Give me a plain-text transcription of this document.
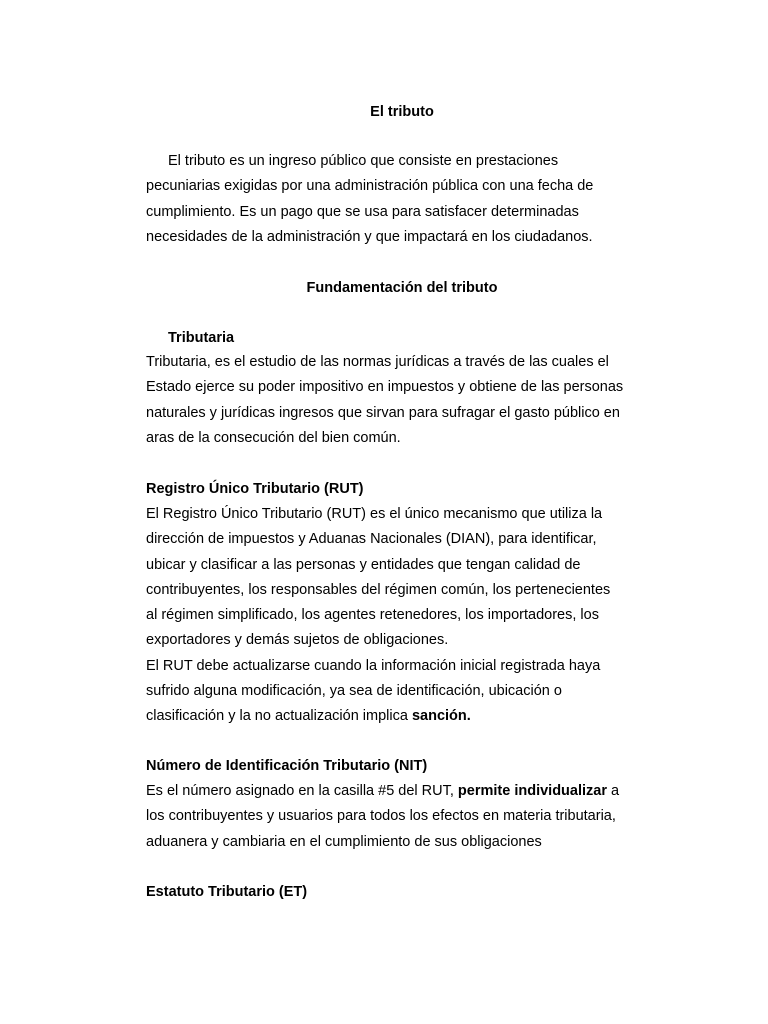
El tributo

El tributo es un ingreso público que consiste en prestaciones
pecuniarias exigidas por una administración pública con una fecha de
cumplimiento. Es un pago que se usa para satisfacer determinadas
necesidades de la administración y que impactará en los ciudadanos.

Fundamentación del tributo
Tributaria

Tributaria, es el estudio de las normas jurídicas a través de las cuales el
Estado ejerce su poder impositivo en impuestos y obtiene de las personas
naturales y jurídicas ingresos que sirvan para sufragar el gasto público en
aras de la consecución del bien común.

Registro Único Tributario (RUT)

El Registro Único Tributario (RUT) es el único mecanismo que utiliza la
dirección de impuestos y Aduanas Nacionales (DIAN), para identificar,
ubicar y clasificar a las personas y entidades que tengan calidad de
contribuyentes, los responsables del régimen común, los pertenecientes
al régimen simplificado, los agentes retenedores, los importadores, los
exportadores y demás sujetos de obligaciones.
El RUT debe actualizarse cuando la información inicial registrada haya
sufrido alguna modificación, ya sea de identificación, ubicación o
clasificación y la no actualización implica sanción.

Número de Identificación Tributario (NIT)

Es el número asignado en la casilla #5 del RUT, permite individualizar a
los contribuyentes y usuarios para todos los efectos en materia tributaria,
aduanera y cambiaria en el cumplimiento de sus obligaciones

Estatuto Tributario (ET)
